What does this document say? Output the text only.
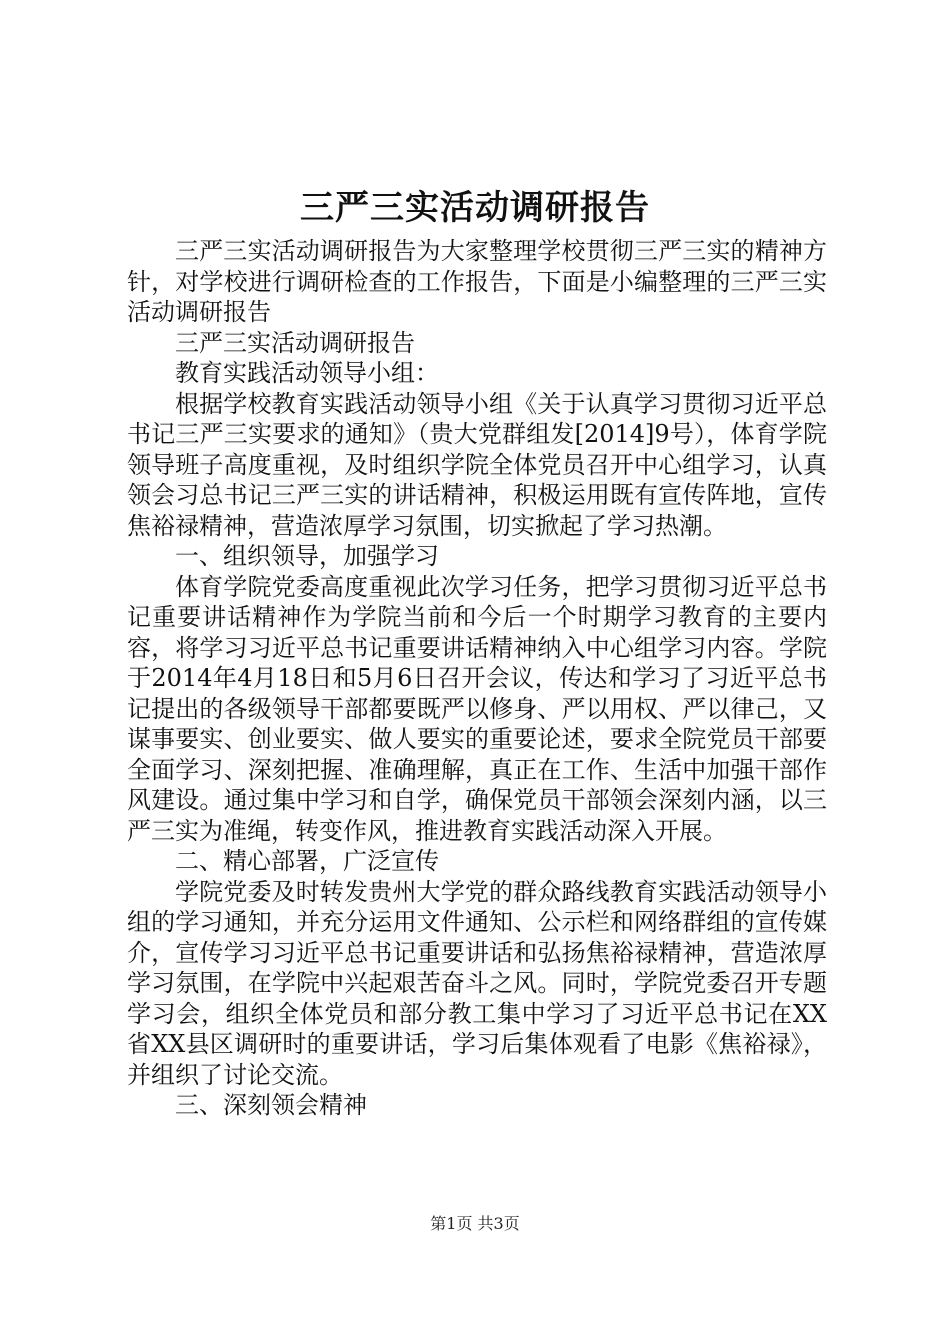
三严三实活动调研报告

三严三实活动调研报告为大家整理学校贯彻三严三实的精神方针，对学校进行调研检查的工作报告，下面是小编整理的三严三实活动调研报告

三严三实活动调研报告

教育实践活动领导小组：

根据学校教育实践活动领导小组《关于认真学习贯彻习近平总书记三严三实要求的通知》（贵大党群组发[2014]9号），体育学院领导班子高度重视，及时组织学院全体党员召开中心组学习，认真领会习总书记三严三实的讲话精神，积极运用既有宣传阵地，宣传焦裕禄精神，营造浓厚学习氛围，切实掀起了学习热潮。

一、组织领导，加强学习

体育学院党委高度重视此次学习任务，把学习贯彻习近平总书记重要讲话精神作为学院当前和今后一个时期学习教育的主要内容，将学习习近平总书记重要讲话精神纳入中心组学习内容。学院于2014年4月18日和5月6日召开会议，传达和学习了习近平总书记提出的各级领导干部都要既严以修身、严以用权、严以律己，又谋事要实、创业要实、做人要实的重要论述，要求全院党员干部要全面学习、深刻把握、准确理解，真正在工作、生活中加强干部作风建设。通过集中学习和自学，确保党员干部领会深刻内涵，以三严三实为准绳，转变作风，推进教育实践活动深入开展。

二、精心部署，广泛宣传

学院党委及时转发贵州大学党的群众路线教育实践活动领导小组的学习通知，并充分运用文件通知、公示栏和网络群组的宣传媒介，宣传学习习近平总书记重要讲话和弘扬焦裕禄精神，营造浓厚学习氛围，在学院中兴起艰苦奋斗之风。同时，学院党委召开专题学习会，组织全体党员和部分教工集中学习了习近平总书记在XX省XX县区调研时的重要讲话，学习后集体观看了电影《焦裕禄》，并组织了讨论交流。

三、深刻领会精神

第1页 共3页
